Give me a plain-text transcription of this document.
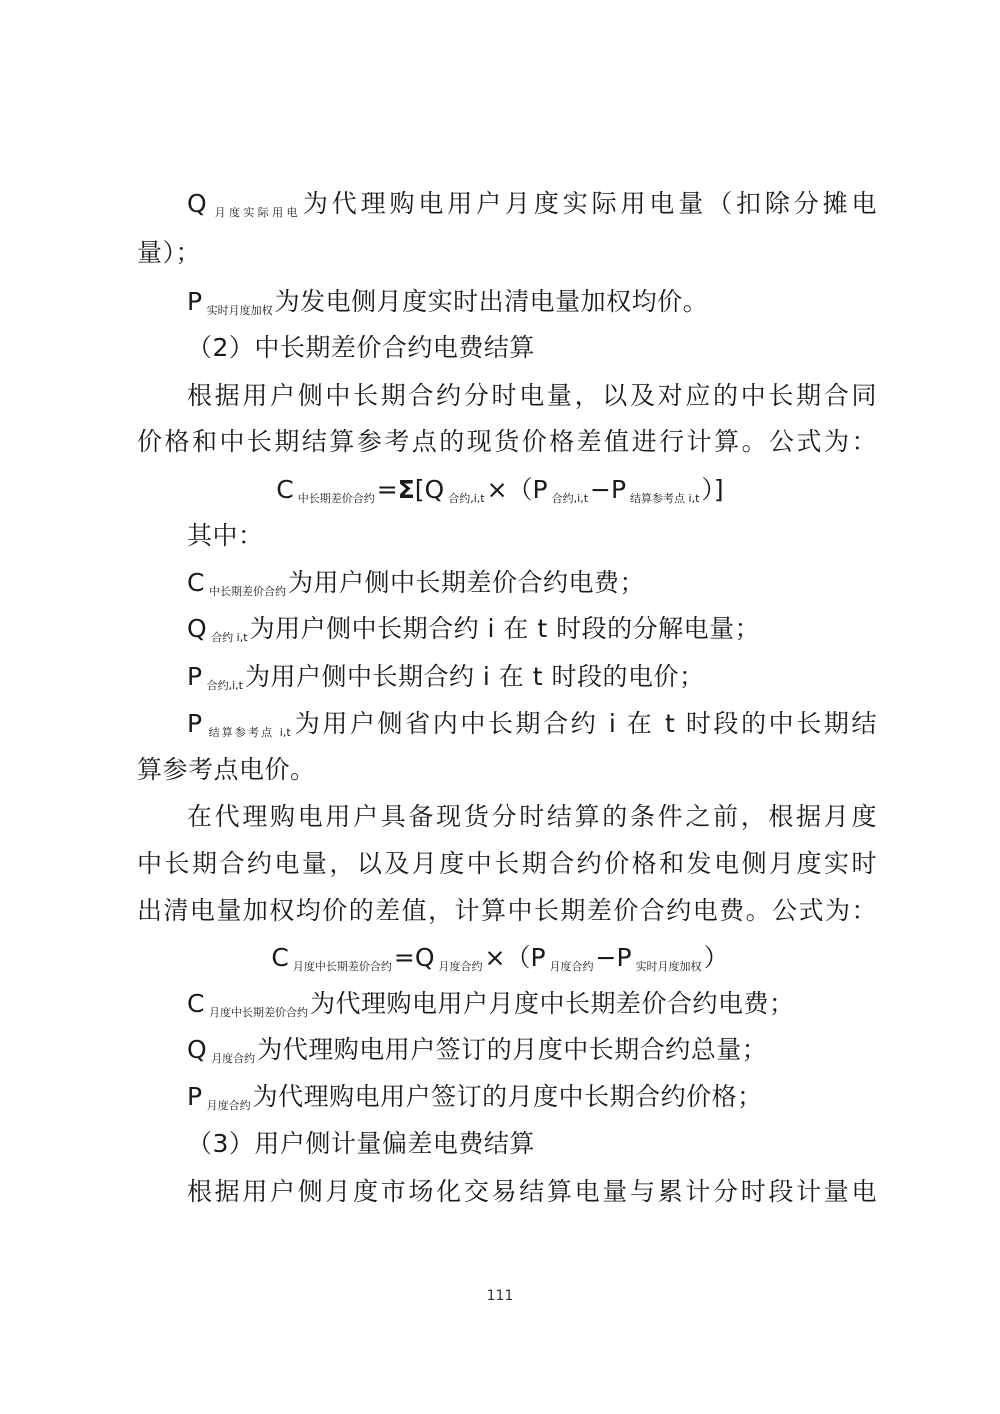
Q $_{月度实际用电}$为代理购电用户月度实际用电量（扣除分摊电
量）；
P $_{实时月度加权}$为发电侧月度实时出清电量加权均价。
（2）中长期差价合约电费结算
根据用户侧中长期合约分时电量，以及对应的中长期合同
价格和中长期结算参考点的现货价格差值进行计算。公式为：
C $_{中长期差价合约}$=Σ[Q $_{合约,i,t}$×（P $_{合约,i,t}$−P $_{结算参考点 i,t}$）]
其中：
C $_{中长期差价合约}$为用户侧中长期差价合约电费；
Q $_{合约 i,t}$为用户侧中长期合约 i 在 t 时段的分解电量；
P $_{合约,i,t}$为用户侧中长期合约 i 在 t 时段的电价；
P $_{结算参考点 i,t}$为用户侧省内中长期合约 i 在 t 时段的中长期结
算参考点电价。
在代理购电用户具备现货分时结算的条件之前，根据月度
中长期合约电量，以及月度中长期合约价格和发电侧月度实时
出清电量加权均价的差值，计算中长期差价合约电费。公式为：
C $_{月度中长期差价合约}$=Q $_{月度合约}$×（P $_{月度合约}$−P $_{实时月度加权}$）
C $_{月度中长期差价合约}$为代理购电用户月度中长期差价合约电费；
Q $_{月度合约}$为代理购电用户签订的月度中长期合约总量；
P $_{月度合约}$为代理购电用户签订的月度中长期合约价格；
（3）用户侧计量偏差电费结算
根据用户侧月度市场化交易结算电量与累计分时段计量电
111
